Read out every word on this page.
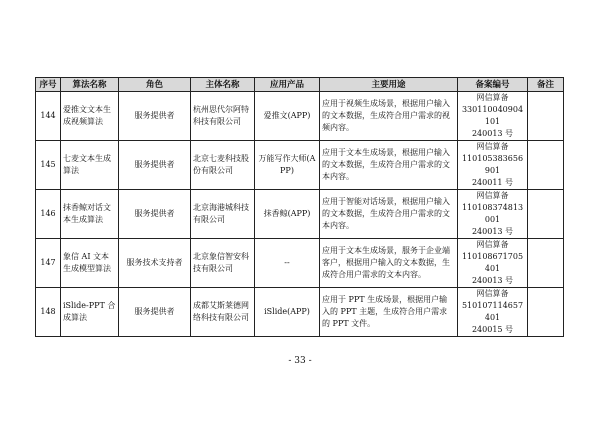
序号	算法名称	角色	主体名称	应用产品	主要用途	备案编号	备注
144	爱推文文本生成视频算法	服务提供者	杭州思代尔阿特科技有限公司	爱推文(APP)	应用于视频生成场景，根据用户输入的文本数据，生成符合用户需求的视频内容。	网信算备
330110040904101
240013 号	

145	七麦文本生成算法	服务提供者	北京七麦科技股份有限公司	万能写作大师(APP)	应用于文本生成场景，根据用户输入的文本数据，生成符合用户需求的文本内容。	网信算备
110105383656901
240011 号	

146	抹香鲸对话文本生成算法	服务提供者	北京海港城科技有限公司	抹香鲸(APP)	应用于智能对话场景，根据用户输入的文本数据，生成符合用户需求的文本内容。	网信算备
110108374813001
240013 号	

147	象信 AI 文本生成模型算法	服务技术支持者	北京象信智安科技有限公司	--	应用于文本生成场景，服务于企业端客户，根据用户输入的文本数据，生成符合用户需求的文本内容。	网信算备
110108671705401
240013 号	

148	iSlide-PPT 合成算法	服务提供者	成都艾斯莱德网络科技有限公司	iSlide(APP)	应用于 PPT 生成场景，根据用户输入的 PPT 主题，生成符合用户需求的 PPT 文件。	网信算备
510107114657401
240015 号	

- 33 -
